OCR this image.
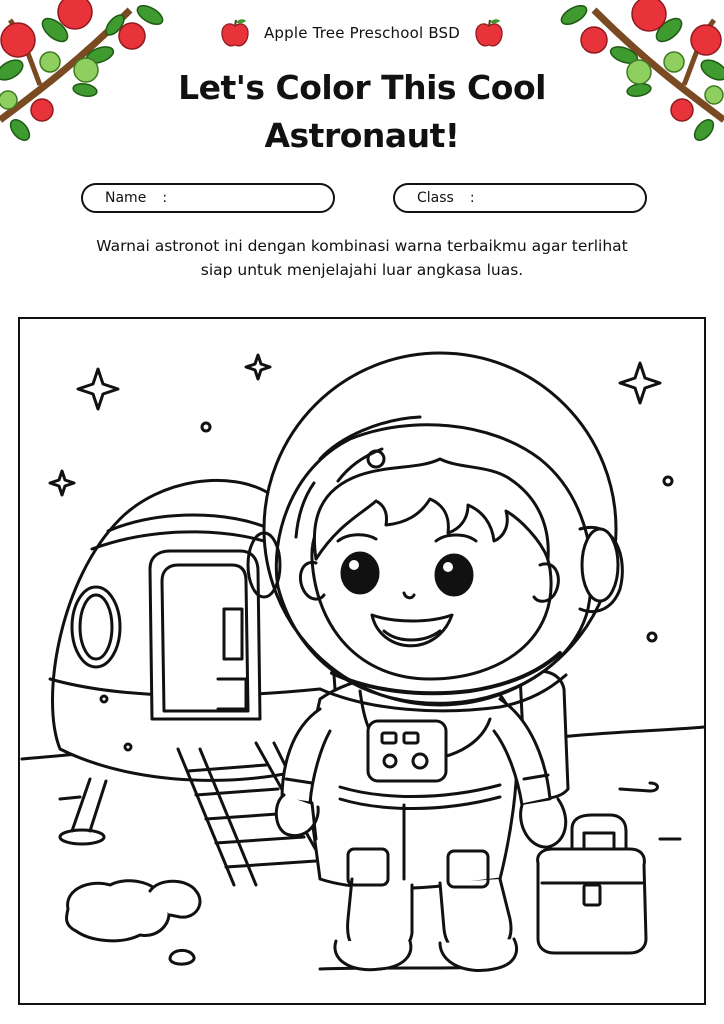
Apple Tree Preschool BSD
Let's Color This Cool
Astronaut!
Name :	Class :

Warnai astronot ini dengan kombinasi warna terbaikmu agar terlihat
siap untuk menjelajahi luar angkasa luas.
